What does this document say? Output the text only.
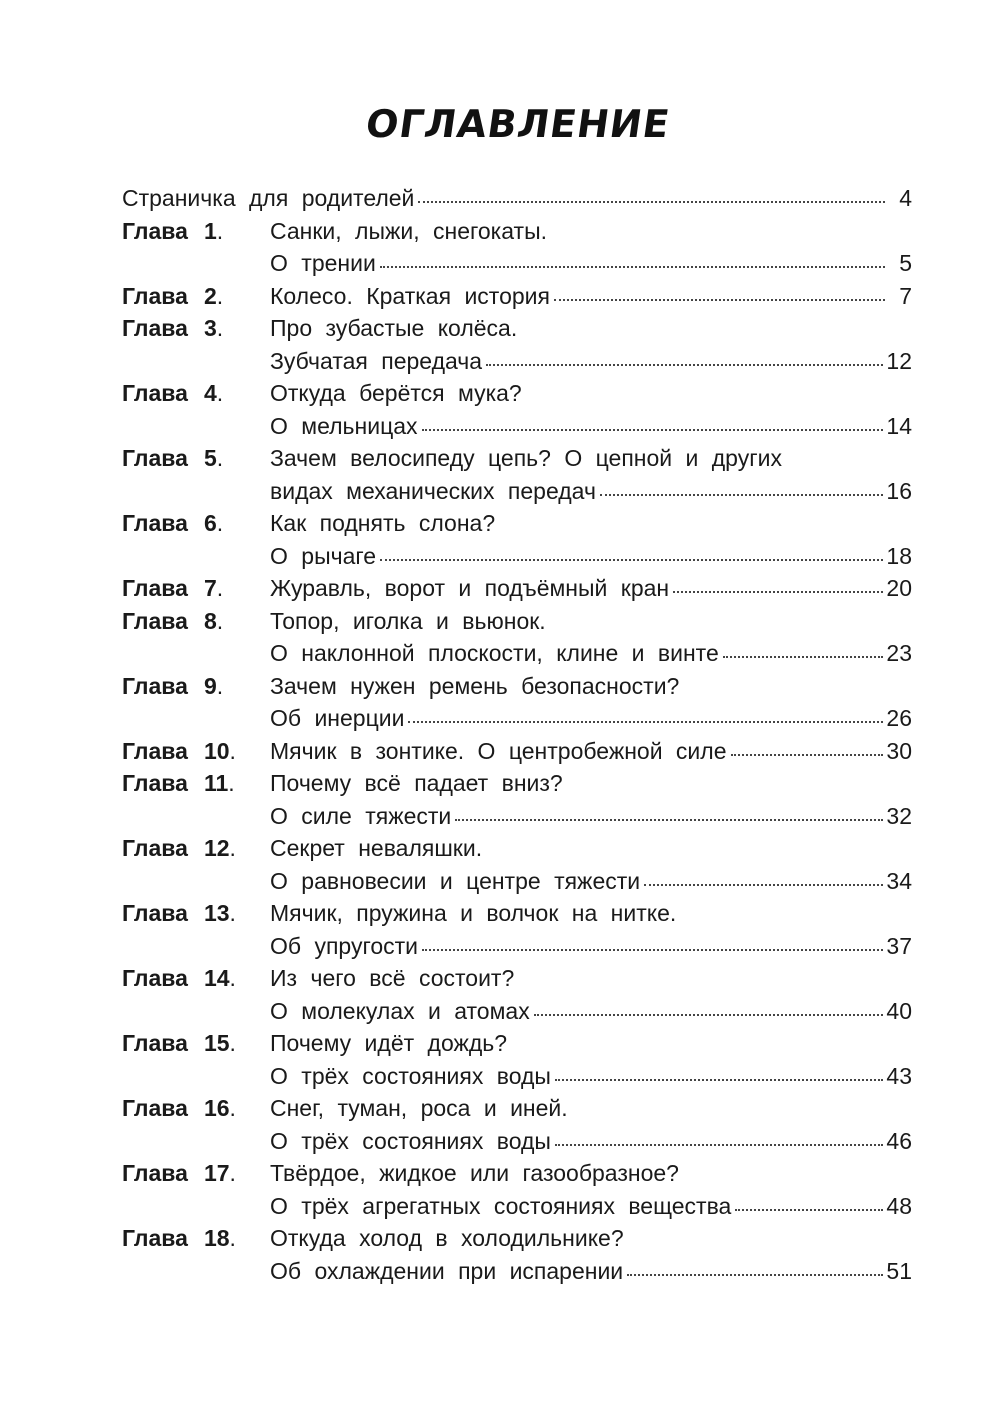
ОГЛАВЛЕНИЕ
Страничка для родителей	4
Глава 1.	Санки, лыжи, снегокаты.
О трении	5
Глава 2.	Колесо. Краткая история	7
Глава 3.	Про зубастые колёса.
Зубчатая передача	12
Глава 4.	Откуда берётся мука?
О мельницах	14
Глава 5.	Зачем велосипеду цепь? О цепной и других
видах механических передач	16
Глава 6.	Как поднять слона?
О рычаге	18
Глава 7.	Журавль, ворот и подъёмный кран	20
Глава 8.	Топор, иголка и вьюнок.
О наклонной плоскости, клине и винте	23
Глава 9.	Зачем нужен ремень безопасности?
Об инерции	26
Глава 10.	Мячик в зонтике. О центробежной силе	30
Глава 11.	Почему всё падает вниз?
О силе тяжести	32
Глава 12.	Секрет неваляшки.
О равновесии и центре тяжести	34
Глава 13.	Мячик, пружина и волчок на нитке.
Об упругости	37
Глава 14.	Из чего всё состоит?
О молекулах и атомах	40
Глава 15.	Почему идёт дождь?
О трёх состояниях воды	43
Глава 16.	Снег, туман, роса и иней.
О трёх состояниях воды	46
Глава 17.	Твёрдое, жидкое или газообразное?
О трёх агрегатных состояниях вещества	48
Глава 18.	Откуда холод в холодильнике?
Об охлаждении при испарении	51
